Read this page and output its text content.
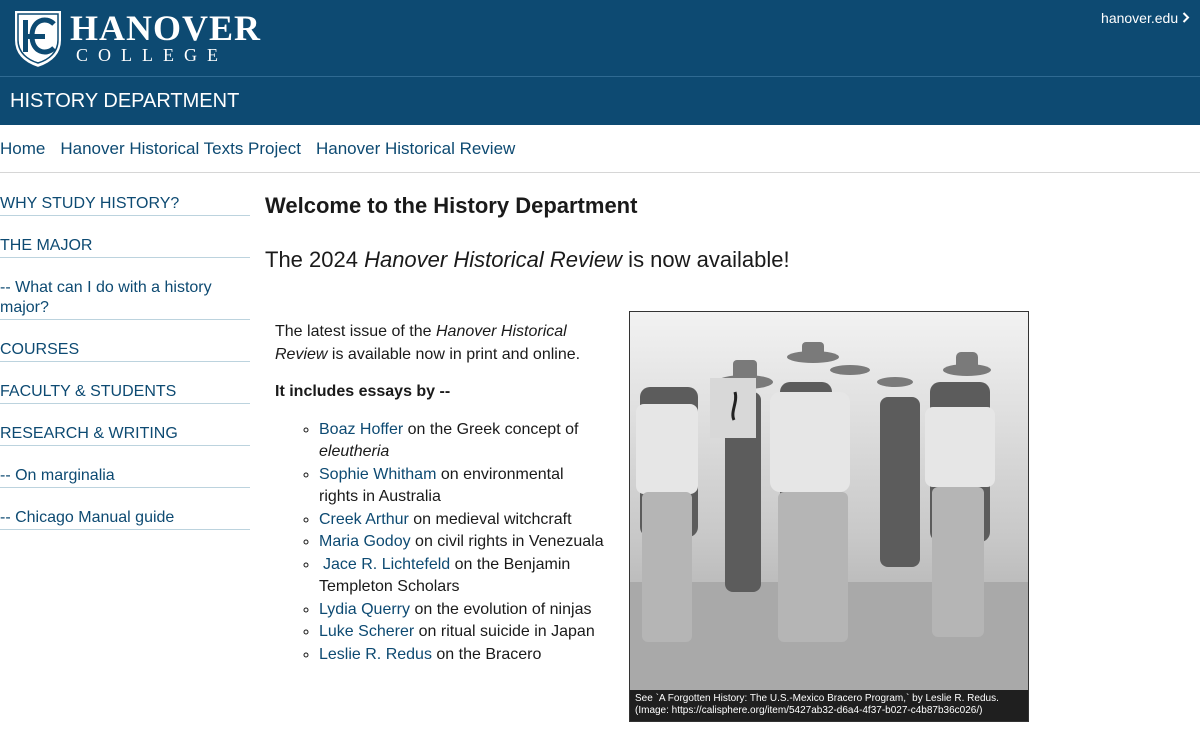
HANOVER
COLLEGE
hanover.edu
HISTORY DEPARTMENT
Home Hanover Historical Texts Project Hanover Historical Review
WHY STUDY HISTORY?
THE MAJOR
-- What can I do with a history major?
COURSES
FACULTY & STUDENTS
RESEARCH & WRITING
-- On marginalia
-- Chicago Manual guide
Welcome to the History Department
The 2024 Hanover Historical Review is now available!

The latest issue of the Hanover Historical Review is available now in print and online.

It includes essays by --

◦ Boaz Hoffer on the Greek concept of eleutheria
◦ Sophie Whitham on environmental rights in Australia
◦ Creek Arthur on medieval witchcraft
◦ Maria Godoy on civil rights in Venezuala
◦ Jace R. Lichtefeld on the Benjamin Templeton Scholars
◦ Lydia Querry on the evolution of ninjas
◦ Luke Scherer on ritual suicide in Japan
◦ Leslie R. Redus on the Bracero
See `A Forgotten History: The U.S.-Mexico Bracero Program,` by Leslie R. Redus.
(Image: https://calisphere.org/item/5427ab32-d6a4-4f37-b027-c4b87b36c026/)
